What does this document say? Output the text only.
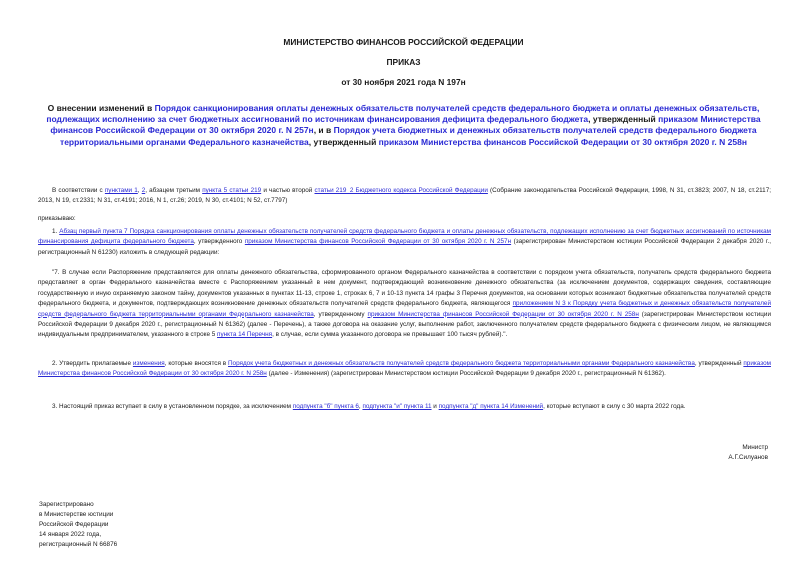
МИНИСТЕРСТВО ФИНАНСОВ РОССИЙСКОЙ ФЕДЕРАЦИИ
ПРИКАЗ
от 30 ноября 2021 года N 197н
О внесении изменений в Порядок санкционирования оплаты денежных обязательств получателей средств федерального бюджета и оплаты денежных обязательств, подлежащих исполнению за счет бюджетных ассигнований по источникам финансирования дефицита федерального бюджета, утвержденный приказом Министерства финансов Российской Федерации от 30 октября 2020 г. N 257н, и в Порядок учета бюджетных и денежных обязательств получателей средств федерального бюджета территориальными органами Федерального казначейства, утвержденный приказом Министерства финансов Российской Федерации от 30 октября 2020 г. N 258н
В соответствии с пунктами 1, 2, абзацем третьим пункта 5 статьи 219 и частью второй статьи 219_2 Бюджетного кодекса Российской Федерации (Собрание законодательства Российской Федерации, 1998, N 31, ст.3823; 2007, N 18, ст.2117; 2013, N 19, ст.2331; N 31, ст.4191; 2016, N 1, ст.26; 2019, N 30, ст.4101; N 52, ст.7797)
приказываю:
1. Абзац первый пункта 7 Порядка санкционирования оплаты денежных обязательств получателей средств федерального бюджета и оплаты денежных обязательств, подлежащих исполнению за счет бюджетных ассигнований по источникам финансирования дефицита федерального бюджета, утвержденного приказом Министерства финансов Российской Федерации от 30 октября 2020 г. N 257н (зарегистрирован Министерством юстиции Российской Федерации 2 декабря 2020 г., регистрационный N 61230) изложить в следующей редакции:
"7. В случае если Распоряжение представляется для оплаты денежного обязательства, сформированного органом Федерального казначейства в соответствии с порядком учета обязательств, получатель средств федерального бюджета представляет в орган Федерального казначейства вместе с Распоряжением указанный в нем документ, подтверждающий возникновение денежного обязательства (за исключением документов, содержащих сведения, составляющие государственную и иную охраняемую законом тайну, документов указанных в пунктах 11-13, строке 1, строках 6, 7 и 10-13 пункта 14 графы 3 Перечня документов, на основании которых возникают бюджетные обязательства получателей средств федерального бюджета, и документов, подтверждающих возникновение денежных обязательств получателей средств федерального бюджета, являющегося приложением N 3 к Порядку учета бюджетных и денежных обязательств получателей средств федерального бюджета территориальными органами Федерального казначейства, утвержденному приказом Министерства финансов Российской Федерации от 30 октября 2020 г. N 258н (зарегистрирован Министерством юстиции Российской Федерации 9 декабря 2020 г., регистрационный N 61362) (далее - Перечень), а также договора на оказание услуг, выполнение работ, заключенного получателем средств федерального бюджета с физическим лицом, не являющимся индивидуальным предпринимателем, указанного в строке 5 пункта 14 Перечня, в случае, если сумма указанного договора не превышает 100 тысяч рублей).".
2. Утвердить прилагаемые изменения, которые вносятся в Порядок учета бюджетных и денежных обязательств получателей средств федерального бюджета территориальными органами Федерального казначейства, утвержденный приказом Министерства финансов Российской Федерации от 30 октября 2020 г. N 258н (далее - Изменения) (зарегистрирован Министерством юстиции Российской Федерации 9 декабря 2020 г., регистрационный N 61362).
3. Настоящий приказ вступает в силу в установленном порядке, за исключением подпункта "б" пункта 6, подпункта "и" пункта 11 и подпункта "д" пункта 14 Изменений, которые вступают в силу с 30 марта 2022 года.
Министр
А.Г.Силуанов
Зарегистрировано
в Министерстве юстиции
Российской Федерации
14 января 2022 года,
регистрационный N 66876
